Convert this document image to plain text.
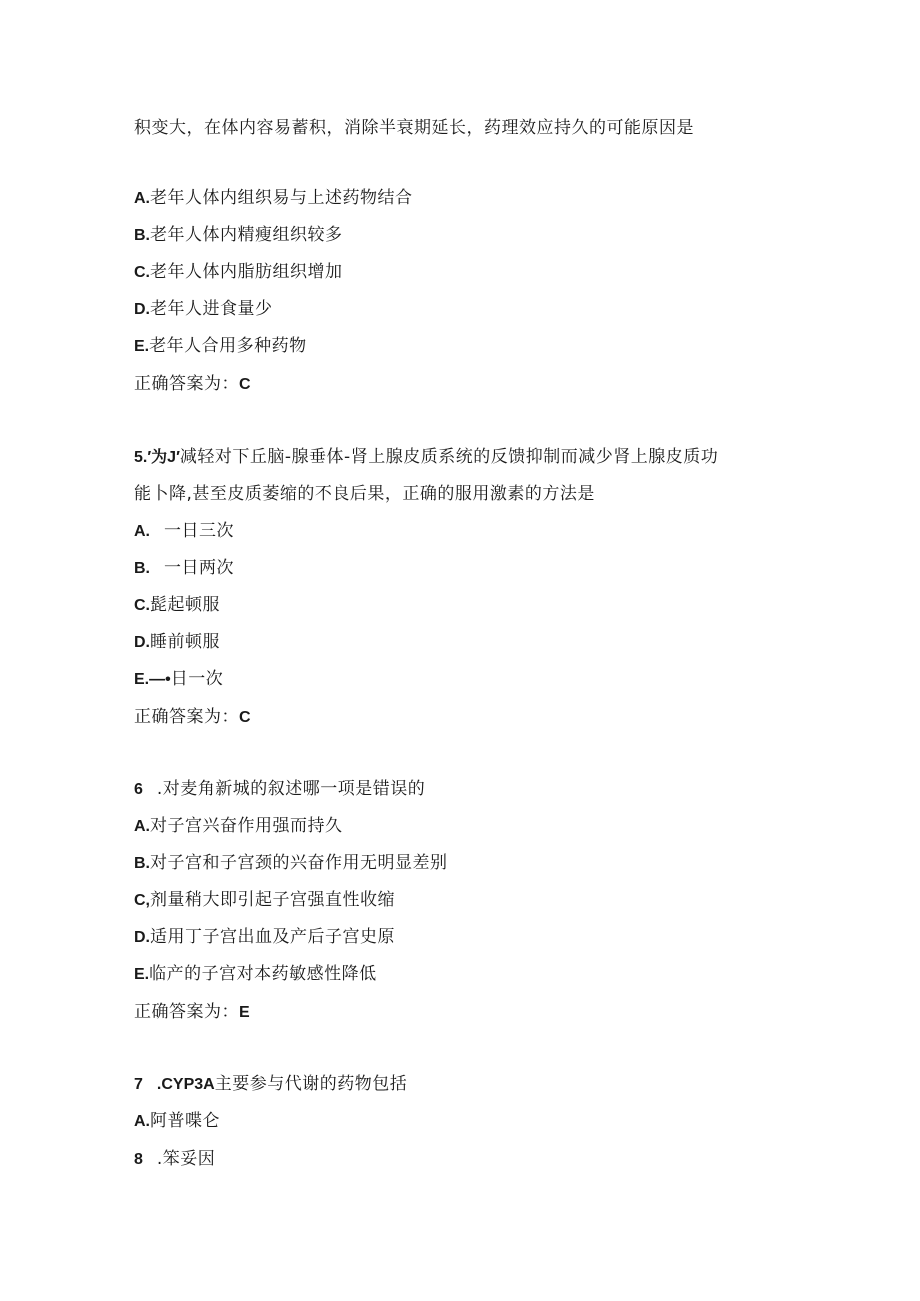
积变大，在体内容易蓄积，消除半衰期延长，药理效应持久的可能原因是
A.老年人体内组织易与上述药物结合
B.老年人体内精瘦组织较多
C.老年人体内脂肪组织增加
D.老年人进食量少
E.老年人合用多种药物
正确答案为：C
5.′为J′减轻对下丘脑-腺垂体-肾上腺皮质系统的反馈抑制而减少肾上腺皮质功
能卜降,甚至皮质萎缩的不良后果，正确的服用激素的方法是
A. 一日三次
B. 一日两次
C.髭起顿服
D.睡前顿服
E.—•日一次
正确答案为：C
6 .对麦角新城的叙述哪一项是错误的
A.对子宫兴奋作用强而持久
B.对子宫和子宫颈的兴奋作用无明显差别
C,剂量稍大即引起子宫强直性收缩
D.适用丁子宫出血及产后子宫史原
E.临产的子宫对本药敏感性降低
正确答案为：E
7 .CYP3A主要参与代谢的药物包括
A.阿普喋仑
8 .笨妥因
